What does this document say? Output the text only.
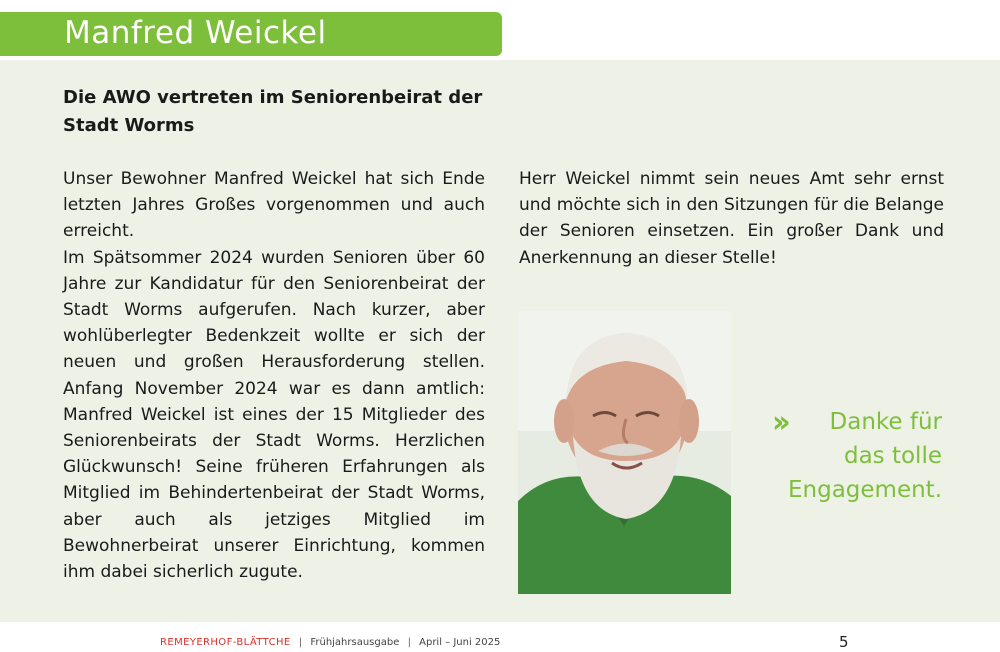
Manfred Weickel
Die AWO vertreten im Seniorenbeirat der Stadt Worms

Unser Bewohner Manfred Weickel hat sich Ende letzten Jahres Großes vorgenommen und auch erreicht.

Im Spätsommer 2024 wurden Senioren über 60 Jahre zur Kandidatur für den Seniorenbeirat der Stadt Worms aufgerufen. Nach kurzer, aber wohlüberlegter Bedenkzeit wollte er sich der neuen und großen Herausforderung stellen. Anfang November 2024 war es dann amtlich: Manfred Weickel ist eines der 15 Mitglieder des Seniorenbeirats der Stadt Worms. Herzlichen Glückwunsch! Seine früheren Erfahrungen als Mitglied im Behindertenbeirat der Stadt Worms, aber auch als jetziges Mitglied im Bewohnerbeirat unserer Einrichtung, kommen ihm dabei sicherlich zugute.

Herr Weickel nimmt sein neues Amt sehr ernst und möchte sich in den Sitzungen für die Belange der Senioren einsetzen. Ein großer Dank und Anerkennung an dieser Stelle!

››	Danke für
das tolle
Engagement.
REMEYERHOF-BLÄTTCHE | Frühjahrsausgabe | April – Juni 2025	5
